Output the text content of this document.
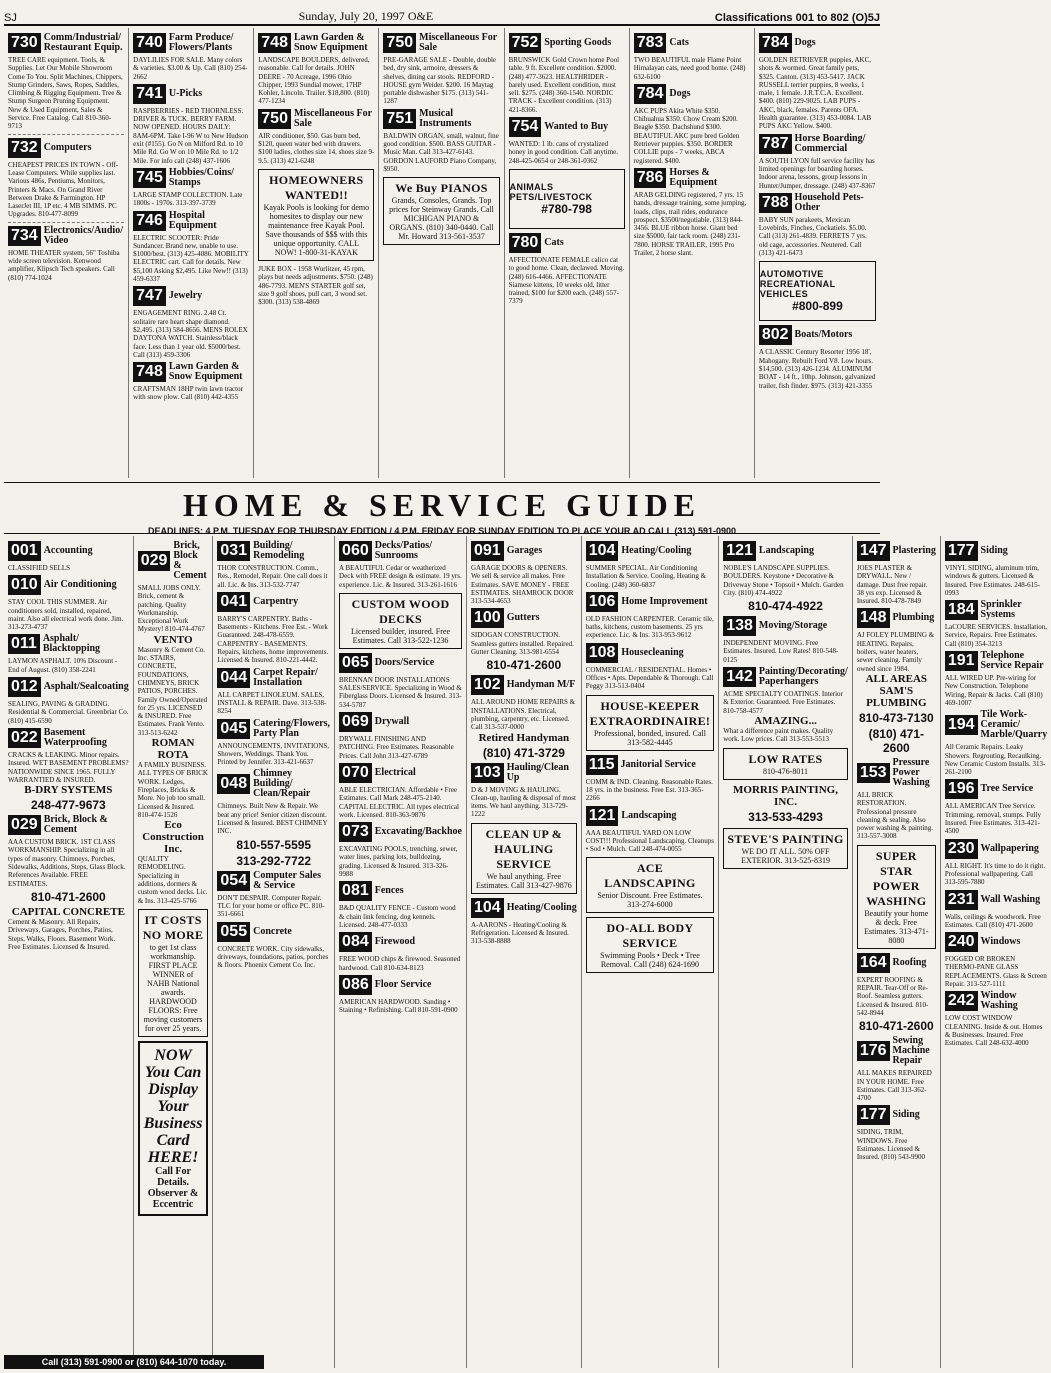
SJ	Sunday, July 20, 1997 O&E	Classifications 001 to 802 (O)5J
730 Comm/Industrial/ Restaurant Equip.
TREE CARE equipment. Tools, & Supplies. Let Our Mobile Showroom Come To You. Split Machines, Chippers, Stump Grinders, Saws, Ropes, Saddles, Climbing & Rigging Equipment. Tree & Stump Surgeon Pruning Equipment. New & Used Equipment, Sales & Service. Free Catalog. Call 810-360-9713
732 Computers
CHEAPEST PRICES IN TOWN - Off-Lease Computers. While supplies last. Various 486s, Pentiums, Monitors, Printers & Macs. On Grand River Between Drake & Farmington. HP LaserJet III, 1P etc. 4 MB SIMMS. PC Upgrades. 810-477-8099
734 Electronics/Audio/ Video
HOME THEATER system, 56" Toshiba wide screen television. Kenwood amplifier, Klipsch Tech speakers. Call (810) 774-1024
740 Farm Produce/ Flowers/Plants
DAYLILIES FOR SALE. Many colors & varieties. $3.00 & Up. Call (810) 254-2662
741 U-Picks
RASPBERRIES - RED THORNLESS. DRIVER & TUCK. BERRY FARM. NOW OPENED. HOURS DAILY: 8AM-6PM. Take I-96 W to New Hudson exit (#155). Go N on Milford Rd. to 10 Mile Rd. Go W on 10 Mile Rd. to 1/2 Mile. For info call (248) 437-1606
745 Hobbies/Coins/ Stamps
LARGE STAMP COLLECTION. Late 1800s - 1970s. 313-397-3739
746 Hospital Equipment
ELECTRIC SCOOTER: Pride Sundancer. Brand new, unable to use. $1000/best. (313) 425-4086. MOBILITY ELECTRIC cart. Call for details. New $5,100 Asking $2,495. Like New!! (313) 459-6337
747 Jewelry
ENGAGEMENT RING. 2.48 Ct. solitaire rare heart shape diamond. $2,495. (313) 584-8656. MENS ROLEX DAYTONA WATCH. Stainless/black face. Less than 1 year old. $5000/best. Call (313) 459-3306
748 Lawn Garden & Snow Equipment
CRAFTSMAN 18HP twin lawn tractor with snow plow. Call (810) 442-4355
748 Lawn Garden & Snow Equipment
LANDSCAPE BOULDERS, delivered, reasonable. Call for details. JOHN DEERE - 70 Acreage, 1996 Ohio Chipper, 1993 Sundial mower, 17HP Kohler, Lincoln. Trailer. $18,800. (810) 477-1234
750 Miscellaneous For Sale
AIR conditioner, $50. Gas burn bed, $120, queen water bed with drawers. $100 ladies, clothes size 14, shoes size 9-9.5. (313) 421-6248
HOMEOWNERS WANTED!!
Kayak Pools is looking for demo homesites to display our new maintenance free Kayak Pool. Save thousands of $$$ with this unique opportunity. CALL NOW! 1-800-31-KAYAK
JUKE BOX - 1958 Wurlitzer, 45 rpm, plays but needs adjustments. $750. (248) 486-7793. MEN'S STARTER golf set, size 9 golf shoes, pull cart, 3 wood set. $300. (313) 538-4869
750 Miscellaneous For Sale
PRE-GARAGE SALE - Double, double bed, dry sink, armoire, dressers & shelves, dining car stools. REDFORD - HOUSE gym Weider. $200. 16 Maytag portable dishwasher $175. (313) 541-1287
751 Musical Instruments
BALDWIN ORGAN, small, walnut, fine good condition. $500. BASS GUITAR - Music Man. Call 313-427-6143. GORDON LAUFORD Piano Company, $950.
We Buy PIANOS
Grands, Consoles, Grands. Top prices for Steinway Grands. Call MICHIGAN PIANO & ORGANS. (810) 340-0440. Call Mr. Howard 313-561-3537
752 Sporting Goods
BRUNSWICK Gold Crown home Pool table. 9 ft. Excellent condition. $2000. (248) 477-3623. HEALTHRIDER - barely used. Excellent condition, must sell. $275. (248) 360-1540. NORDIC TRACK - Excellent condition. (313) 421-8366.
754 Wanted to Buy
WANTED: 1 lb. cans of crystalized honey in good condition. Call anytime. 248-425-0654 or 248-361-0362
ANIMALS PETS/LIVESTOCK
#780-798
780 Cats
AFFECTIONATE FEMALE calico cat to good home. Clean, declawed. Moving. (248) 616-4466. AFFECTIONATE Siamese kittens, 10 weeks old, litter trained, $100 for $200 each. (248) 557-7379
783 Cats
TWO BEAUTIFUL male Flame Point Himalayan cats, need good home. (248) 632-6100
784 Dogs
AKC PUPS Akita White $350. Chihuahua $350. Chow Cream $200. Beagle $350. Dachshund $300. BEAUTIFUL AKC pure bred Golden Retriever puppies. $350. BORDER COLLIE pups - 7 weeks, ABCA registered. $400.
786 Horses & Equipment
ARAB GELDING registered, 7 yrs. 15 hands, dressage training, some jumping, loads, clips, trail rides, endurance prospect. $3500/negotiable. (313) 844-3456. BLUE ribbon horse. Giant bed size $5000, fair tack room. (248) 231-7800. HORSE TRAILER, 1995 Pro Trailer, 2 horse slant.
784 Dogs
GOLDEN RETRIEVER puppies, AKC, shots & wormed. Great family pets, $325. Canton. (313) 453-5417. JACK RUSSELL terrier puppies, 8 weeks, 1 male, 1 female. J.R.T.C.A. Excellent. $400. (810) 229-9025. LAB PUPS - AKC, black, females. Parents OFA. Health guarantee. (313) 453-0084. LAB PUPS AKC Yellow. $400.
787 Horse Boarding/ Commercial
A SOUTH LYON full service facility has limited openings for boarding horses. Indoor arena, lessons, group lessons in Hunter/Jumper, dressage. (248) 437-8367
788 Household Pets- Other
BABY SUN parakeets, Mexican Lovebirds, Finches, Cockatiels. $5.00. Call (313) 261-4839. FERRETS 7 yrs. old cage, accessories. Neutered. Call (313) 421-6473
AUTOMOTIVE RECREATIONAL VEHICLES
#800-899
802 Boats/Motors
A CLASSIC Century Resorter 1956 18', Mahogany. Rebuilt Ford V8. Low hours. $14,500. (313) 426-1234. ALUMINUM BOAT - 14 ft., 10hp. Johnson, galvanized trailer, fish finder. $975. (313) 421-3355
HOME & SERVICE GUIDE
DEADLINES: 4 P.M. TUESDAY FOR THURSDAY EDITION / 4 P.M. FRIDAY FOR SUNDAY EDITION TO PLACE YOUR AD CALL (313) 591-0900
001 Accounting
CLASSIFIED SELLS
010 Air Conditioning
STAY COOL THIS SUMMER. Air conditioners sold, installed, repaired, maint. Also all electrical work done. Jim. 313-273-4737
011 Asphalt/ Blacktopping
LAYMON ASPHALT. 10% Discount - End of August. (810) 358-2241
012 Asphalt/Sealcoating
SEALING, PAVING & GRADING. Residential & Commercial. Greenbriar Co. (810) 415-6590
022 Basement Waterproofing
CRACKS & LEAKING. Minor repairs. Insured. WET BASEMENT PROBLEMS? NATIONWIDE SINCE 1965. FULLY WARRANTIED & INSURED.
B-DRY SYSTEMS
248-477-9673
029 Brick, Block & Cement
AAA CUSTOM BRICK. 1ST CLASS WORKMANSHIP. Specializing in all types of masonry. Chimneys, Porches, Sidewalks, Additions, Steps, Glass Block. References Available. FREE ESTIMATES.
810-471-2600
CAPITAL CONCRETE
Cement & Masonry. All Repairs, Driveways, Garages, Porches, Patios, Steps, Walks, Floors. Basement Work. Free Estimates. Licensed & Insured.
029
Brick, Block & Cement
SMALL JOBS ONLY. Brick, cement & patching. Quality Workmanship. Exceptional Work Mystery! 810-474-4767
VENTO
Masonry & Cement Co. Inc. STAIRS, CONCRETE, FOUNDATIONS, CHIMNEYS, BRICK PATIOS, PORCHES. Family Owned/Operated for 25 yrs. LICENSED & INSURED. Free Estimates. Frank Vento. 313-513-6242
ROMAN ROTA
A FAMILY BUSINESS. ALL TYPES OF BRICK WORK. Ledges, Fireplaces, Bricks & More. No job too small. Licensed & Insured. 810-474-1526
Eco Construction Inc.
QUALITY REMODELING. Specializing in additions, dormers & custom wood decks. Lic. & Ins. 313-425-5766
IT COSTS NO MORE
to get 1st class workmanship. FIRST PLACE WINNER of NAHB National awards. HARDWOOD FLOORS: Free moving customers for over 25 years.
NOW You Can Display Your Business Card HERE!
Call For Details. Observer & Eccentric
031 Building/ Remodeling
THOR CONSTRUCTION. Comm., Res., Remodel, Repair. One call does it all. Lic. & Ins. 313-532-7747
041 Carpentry
BARRY'S CARPENTRY. Baths - Basements - Kitchens. Free Est. - Work Guaranteed. 248-478-6559. CARPENTRY - BASEMENTS. Repairs, kitchens, home improvements. Licensed & Insured. 810-221-4442.
044 Carpet Repair/ Installation
ALL CARPET LINOLEUM. SALES, INSTALL & REPAIR. Dave. 313-538-8254
045 Catering/Flowers, Party Plan
ANNOUNCEMENTS, INVITATIONS, Showers, Weddings. Thank You. Printed by Jennifer. 313-421-6637
048
Chimney Building/ Clean/Repair
Chimneys. Built New & Repair. We beat any price! Senior citizen discount. Licensed & Insured. BEST CHIMNEY INC.
810-557-5595
313-292-7722
054 Computer Sales & Service
DON'T DESPAIR. Computer Repair. TLC for your home or office PC. 810-351-6661
055 Concrete
CONCRETE WORK. City sidewalks, driveways, foundations, patios, porches & floors. Phoenix Cement Co. Inc.
060 Decks/Patios/ Sunrooms
A BEAUTIFUL Cedar or weatherized Deck with FREE design & estimate. 19 yrs. experience. Lic. & Insured. 313-261-1616
CUSTOM WOOD DECKS
Licensed builder, insured. Free Estimates. Call 313-522-1236
065 Doors/Service
BRENNAN DOOR INSTALLATIONS SALES/SERVICE. Specializing in Wood & Fiberglass Doors. Licensed & Insured. 313-534-5787
069 Drywall
DRYWALL FINISHING AND PATCHING. Free Estimates. Reasonable Prices. Call John 313-427-6789
070 Electrical
ABLE ELECTRICIAN. Affordable • Free Estimates. Call Mark 248-475-2140. CAPITAL ELECTRIC. All types electrical work. Licensed. 810-363-9876
073 Excavating/Backhoe
EXCAVATING POOLS, trenching, sewer, water lines, parking lots, bulldozing, grading. Licensed & Insured. 313-326-9988
081 Fences
B&D QUALITY FENCE - Custom wood & chain link fencing, dog kennels. Licensed. 248-477-0333
084 Firewood
FREE WOOD chips & firewood. Seasoned hardwood. Call 810-634-8123
086 Floor Service
AMERICAN HARDWOOD. Sanding • Staining • Refinishing. Call 810-591-0900
091 Garages
GARAGE DOORS & OPENERS. We sell & service all makes. Free Estimates. SAVE MONEY - FREE ESTIMATES. SHAMROCK DOOR 313-534-4653
100 Gutters
SIDOGAN CONSTRUCTION. Seamless gutters installed. Repaired. Gutter Cleaning. 313-981-6554
810-471-2600
102 Handyman M/F
ALL AROUND HOME REPAIRS & INSTALLATIONS. Electrical, plumbing, carpentry, etc. Licensed. Call 313-537-0000
Retired Handyman
(810) 471-3729
103 Hauling/Clean Up
D & J MOVING & HAULING. Clean-up, hauling & disposal of most items. We haul anything. 313-729-1222
CLEAN UP & HAULING SERVICE
We haul anything. Free Estimates. Call 313-427-9876
104 Heating/Cooling
A-AARONS - Heating/Cooling & Refrigeration. Licensed & Insured. 313-538-8888
104 Heating/Cooling
SUMMER SPECIAL. Air Conditioning Installation & Service. Cooling, Heating & Cooling. (248) 360-6837
106 Home Improvement
OLD FASHION CARPENTER. Ceramic tile, baths, kitchens, custom basements. 25 yrs experience. Lic. & Ins. 313-953-9612
108 Housecleaning
COMMERCIAL / RESIDENTIAL. Homes • Offices • Apts. Dependable & Thorough. Call Peggy 313-513-0404
HOUSE-KEEPER EXTRAORDINAIRE!
Professional, bonded, insured. Call 313-582-4445
115 Janitorial Service
COMM & IND. Cleaning. Reasonable Rates. 18 yrs. in the business. Free Est. 313-365-2266
121 Landscaping
AAA BEAUTIFUL YARD ON LOW COST!!! Professional Landscaping. Cleanups • Sod • Mulch. Call 248-474-0055
ACE LANDSCAPING
Senior Discount. Free Estimates. 313-274-6000
DO-ALL BODY SERVICE
Swimming Pools • Deck • Tree Removal. Call (248) 624-1690
121 Landscaping
NOBLE'S LANDSCAPE SUPPLIES. BOULDERS. Keystone • Decorative & Driveway Stone • Topsoil • Mulch. Garden City. (810) 474-4922
810-474-4922
138 Moving/Storage
INDEPENDENT MOVING. Free Estimates. Insured. Low Rates! 810-548-0125
142 Painting/Decorating/ Paperhangers
ACME SPECIALTY COATINGS. Interior & Exterior. Guaranteed. Free Estimates. 810-758-4577
AMAZING...
What a difference paint makes. Quality work. Low prices. Call 313-553-5513
LOW RATES
810-476-8011
MORRIS PAINTING, INC.
313-533-4293
STEVE'S PAINTING
WE DO IT ALL. 50% OFF EXTERIOR. 313-525-8319
147 Plastering
JOES PLASTER & DRYWALL. New / damage. Dust free repair. 38 yrs exp. Licensed & Insured. 810-478-7849
148 Plumbing
AJ FOLEY PLUMBING & HEATING. Repairs, boilers, water heaters, sewer cleaning. Family owned since 1984.
ALL AREAS SAM'S PLUMBING
810-473-7130
(810) 471-2600
153
Pressure Power Washing
ALL BRICK RESTORATION. Professional pressure cleaning & sealing. Also power washing & painting. 313-557-3008
SUPER STAR POWER WASHING
Beautify your home & deck. Free Estimates. 313-471-8080
164 Roofing
EXPERT ROOFING & REPAIR. Tear-Off or Re-Roof. Seamless gutters. Licensed & Insured. 810-542-8944
810-471-2600
176
Sewing Machine Repair
ALL MAKES REPAIRED IN YOUR HOME. Free Estimates. Call 313-362-4700
177 Siding
SIDING, TRIM, WINDOWS. Free Estimates. Licensed & Insured. (810) 543-9900
177 Siding
VINYL SIDING, aluminum trim, windows & gutters. Licensed & Insured. Free Estimates. 248-615-0993
184 Sprinkler Systems
LaCOURE SERVICES. Installation, Service, Repairs. Free Estimates. Call (810) 354-3213
191 Telephone Service Repair
ALL WIRED UP. Pre-wiring for New Construction. Telephone Wiring, Repair & Jacks. Call (810) 469-1007
194
Tile Work-Ceramic/ Marble/Quarry
All Ceramic Repairs. Leaky Showers. Regrouting, Recaulking. New Ceramic Custom Installs. 313-261-2100
196 Tree Service
ALL AMERICAN Tree Service. Trimming, removal, stumps. Fully Insured. Free Estimates. 313-421-4500
230 Wallpapering
ALL RIGHT. It's time to do it right. Professional wallpapering. Call 313-595-7880
231 Wall Washing
Walls, ceilings & woodwork. Free Estimates. Call (810) 471-2600
240 Windows
FOGGED OR BROKEN THERMO-PANE GLASS REPLACEMENTS. Glass & Screen Repair. 313-527-1111
242 Window Washing
LOW COST WINDOW CLEANING. Inside & out. Homes & Businesses. Insured. Free Estimates. Call 248-632-4000
Call (313) 591-0900 or (810) 644-1070 today.
